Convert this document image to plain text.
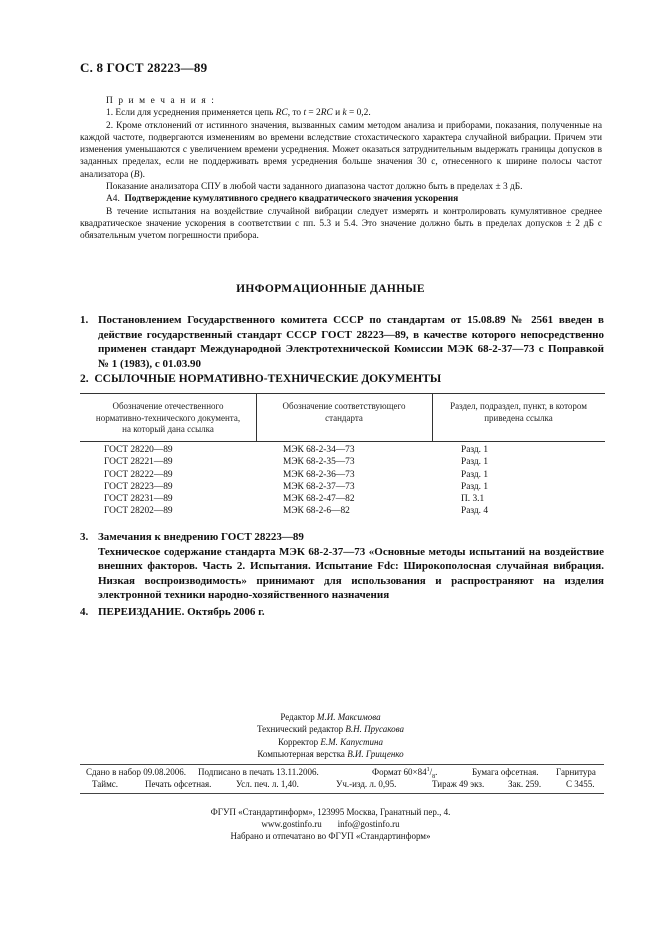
С. 8 ГОСТ 28223—89

П р и м е ч а н и я :

1. Если для усреднения применяется цепь RC, то t = 2RC и k = 0,2.

2. Кроме отклонений от истинного значения, вызванных самим методом анализа и приборами, показания, полученные на каждой частоте, подвергаются изменениям во времени вследствие стохастического характера случайной вибрации. Причем эти изменения уменьшаются с увеличением времени усреднения. Может оказаться затруднительным выдержать границы допусков в заданных пределах, если не поддерживать время усреднения больше значения 30 с, отнесенного к ширине полосы частот анализатора (B).

Показание анализатора СПУ в любой части заданного диапазона частот должно быть в пределах ± 3 дБ.

А4. Подтверждение кумулятивного среднего квадратического значения ускорения

В течение испытания на воздействие случайной вибрации следует измерять и контролировать кумулятивное среднее квадратическое значение ускорения в соответствии с пп. 5.3 и 5.4. Это значение должно быть в пределах допусков ± 2 дБ с обязательным учетом погрешности прибора.

ИНФОРМАЦИОННЫЕ ДАННЫЕ
1. Постановлением Государственного комитета СССР по стандартам от 15.08.89 № 2561 введен в действие государственный стандарт СССР ГОСТ 28223—89, в качестве которого непосредственно применен стандарт Международной Электротехнической Комиссии МЭК 68-2-37—73 с Поправкой № 1 (1983), с 01.03.90

2. ССЫЛОЧНЫЕ НОРМАТИВНО-ТЕХНИЧЕСКИЕ ДОКУМЕНТЫ
Обозначение отечественного
нормативно-технического документа,
на который дана ссылка
Обозначение соответствующего
стандарта
Раздел, подраздел, пункт, в котором
приведена ссылка
ГОСТ 28220—89	МЭК 68-2-34—73	Разд. 1
ГОСТ 28221—89	МЭК 68-2-35—73	Разд. 1
ГОСТ 28222—89	МЭК 68-2-36—73	Разд. 1
ГОСТ 28223—89	МЭК 68-2-37—73	Разд. 1
ГОСТ 28231—89	МЭК 68-2-47—82	П. 3.1
ГОСТ 28202—89	МЭК 68-2-6—82	Разд. 4
3. Замечания к внедрению ГОСТ 28223—89

Техническое содержание стандарта МЭК 68-2-37—73 «Основные методы испытаний на воздействие внешних факторов. Часть 2. Испытания. Испытание Fdc: Широкополосная случайная вибрация. Низкая воспроизводимость» принимают для использования и распространяют на изделия электронной техники народно-хозяйственного назначения

4. ПЕРЕИЗДАНИЕ. Октябрь 2006 г.

Редактор М.И. Максимова
Технический редактор В.Н. Прусакова
Корректор Е.М. Капустина
Компьютерная верстка В.И. Грищенко
Сдано в набор 09.08.2006. Подписано в печать 13.11.2006.	Формат $60\times 84^1/_8$.	Бумага офсетная. Гарнитура
Таймс.	Печать офсетная.	Усл. печ. л. 1,40.	Уч.-изд. л. 0,95.	Тираж 49 экз.	Зак. 259.	С 3455.
ФГУП «Стандартинформ», 123995 Москва, Гранатный пер., 4.
www.gostinfo.ru info@gostinfo.ru
Набрано и отпечатано во ФГУП «Стандартинформ»
